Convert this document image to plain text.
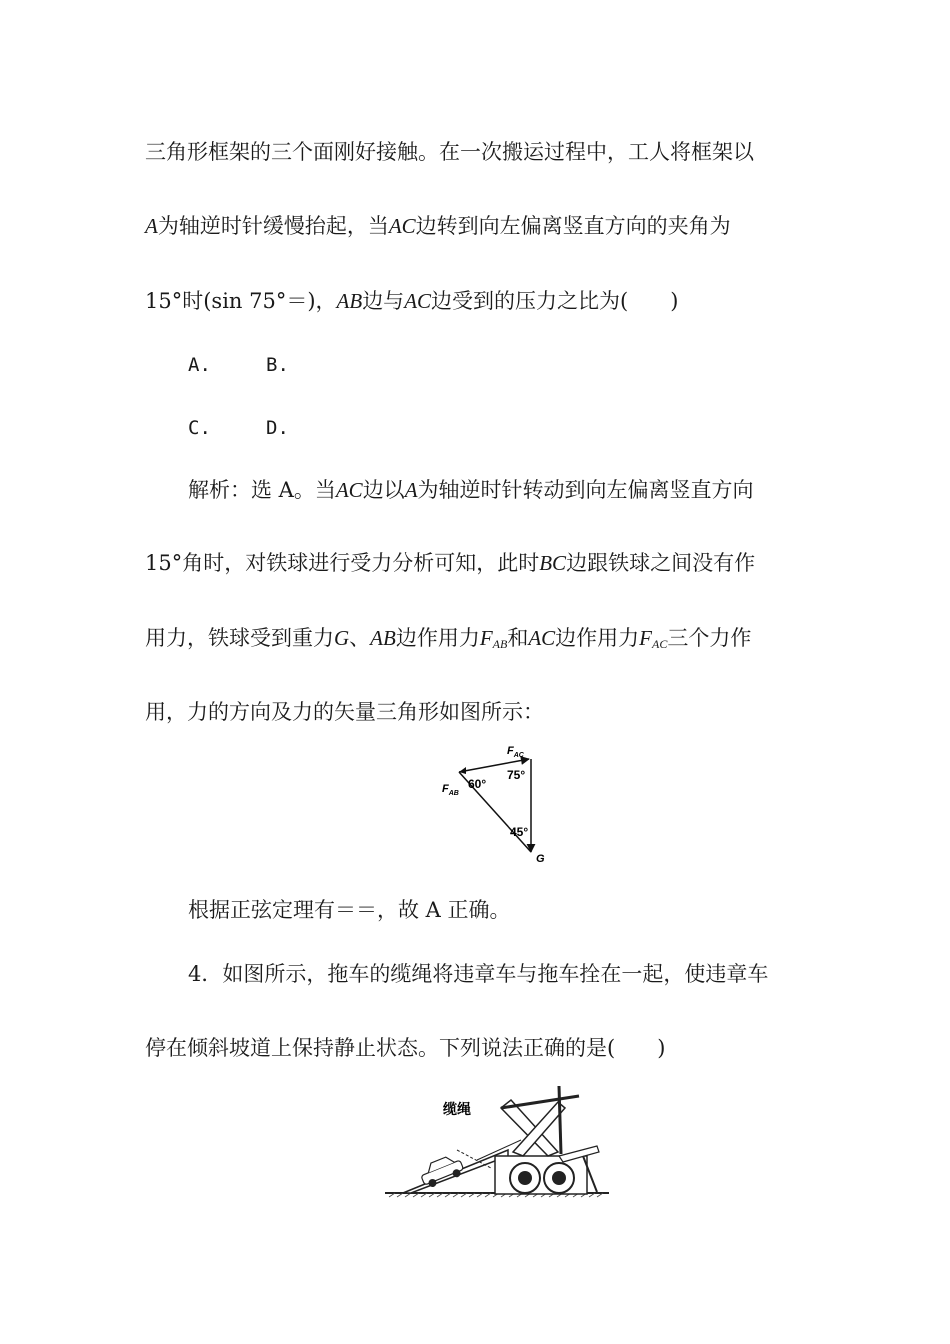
三角形框架的三个面刚好接触。在一次搬运过程中，工人将框架以
A为轴逆时针缓慢抬起，当AC边转到向左偏离竖直方向的夹角为
15°时(sin 75°＝)，AB边与AC边受到的压力之比为(　　)
A.	B.
C.	D.
解析：选 A。当AC边以A为轴逆时针转动到向左偏离竖直方向
15°角时，对铁球进行受力分析可知，此时BC边跟铁球之间没有作
用力，铁球受到重力G、AB边作用力$F_{AB}$和AC边作用力$F_{AC}$三个力作
用，力的方向及力的矢量三角形如图所示：
$F_{AC}$
$F_{AB}$
G
60°
75°
45°
根据正弦定理有＝＝，故 A 正确。
4．如图所示，拖车的缆绳将违章车与拖车拴在一起，使违章车
停在倾斜坡道上保持静止状态。下列说法正确的是(　　)
缆绳
